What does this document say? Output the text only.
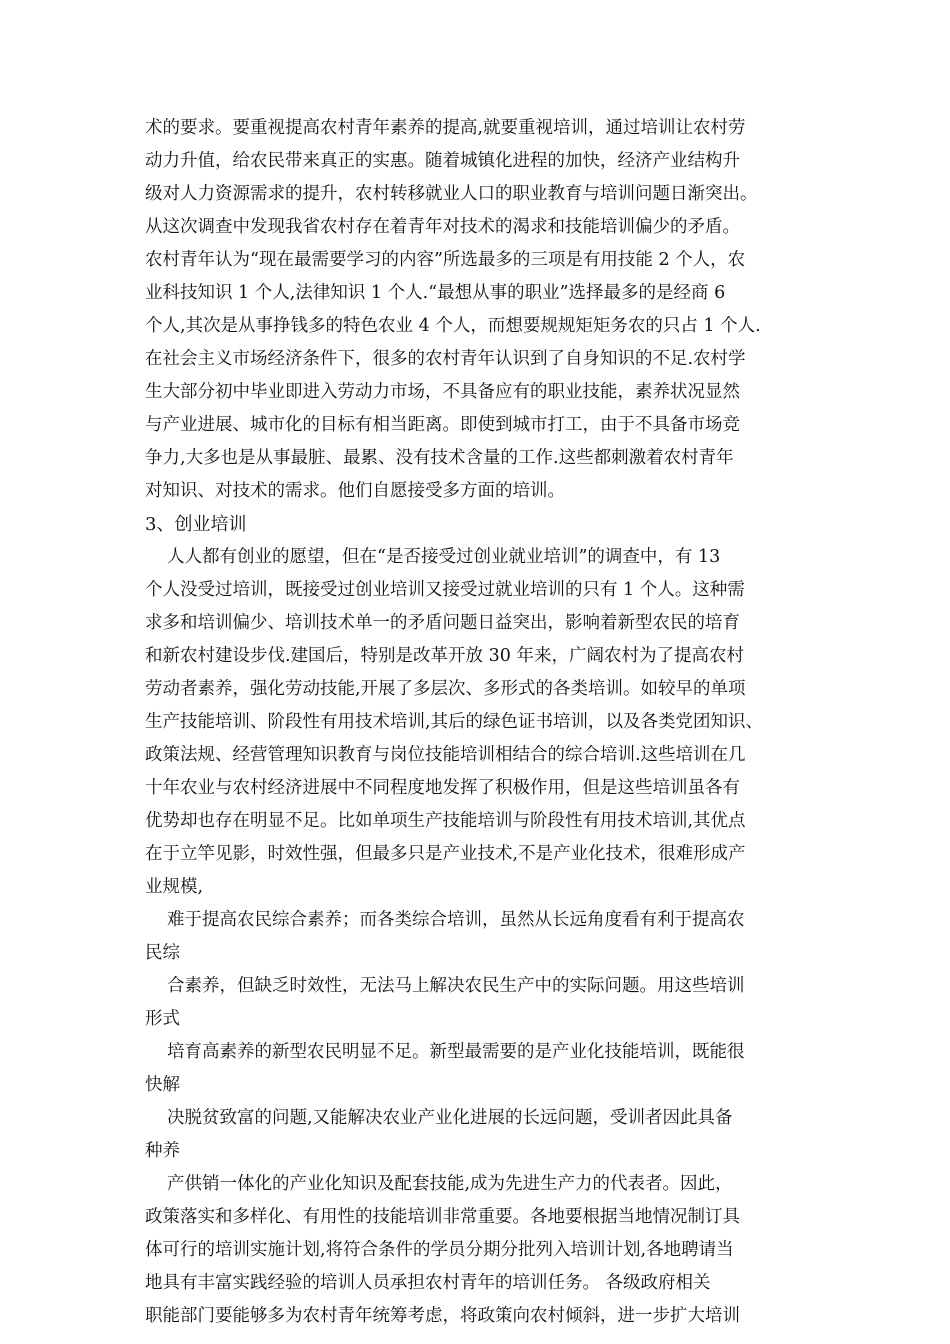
术的要求。要重视提高农村青年素养的提高,就要重视培训，通过培训让农村劳
动力升值，给农民带来真正的实惠。随着城镇化进程的加快，经济产业结构升
级对人力资源需求的提升，农村转移就业人口的职业教育与培训问题日渐突出。
从这次调查中发现我省农村存在着青年对技术的渴求和技能培训偏少的矛盾。
农村青年认为“现在最需要学习的内容”所选最多的三项是有用技能 2 个人，农
业科技知识 1 个人,法律知识 1 个人.“最想从事的职业”选择最多的是经商 6
个人,其次是从事挣钱多的特色农业 4 个人，而想要规规矩矩务农的只占 1 个人.
在社会主义市场经济条件下，很多的农村青年认识到了自身知识的不足.农村学
生大部分初中毕业即进入劳动力市场，不具备应有的职业技能，素养状况显然
与产业进展、城市化的目标有相当距离。即使到城市打工，由于不具备市场竞
争力,大多也是从事最脏、最累、没有技术含量的工作.这些都刺激着农村青年
对知识、对技术的需求。他们自愿接受多方面的培训。
3、创业培训
人人都有创业的愿望，但在“是否接受过创业就业培训”的调查中，有 13
个人没受过培训，既接受过创业培训又接受过就业培训的只有 1 个人。这种需
求多和培训偏少、培训技术单一的矛盾问题日益突出，影响着新型农民的培育
和新农村建设步伐.建国后，特别是改革开放 30 年来，广阔农村为了提高农村
劳动者素养，强化劳动技能,开展了多层次、多形式的各类培训。如较早的单项
生产技能培训、阶段性有用技术培训,其后的绿色证书培训，以及各类党团知识、
政策法规、经营管理知识教育与岗位技能培训相结合的综合培训.这些培训在几
十年农业与农村经济进展中不同程度地发挥了积极作用，但是这些培训虽各有
优势却也存在明显不足。比如单项生产技能培训与阶段性有用技术培训,其优点
在于立竿见影，时效性强，但最多只是产业技术,不是产业化技术，很难形成产
业规模,
难于提高农民综合素养；而各类综合培训，虽然从长远角度看有利于提高农
民综
合素养，但缺乏时效性，无法马上解决农民生产中的实际问题。用这些培训
形式
培育高素养的新型农民明显不足。新型最需要的是产业化技能培训，既能很
快解
决脱贫致富的问题,又能解决农业产业化进展的长远问题，受训者因此具备
种养
产供销一体化的产业化知识及配套技能,成为先进生产力的代表者。因此，
政策落实和多样化、有用性的技能培训非常重要。各地要根据当地情况制订具
体可行的培训实施计划,将符合条件的学员分期分批列入培训计划,各地聘请当
地具有丰富实践经验的培训人员承担农村青年的培训任务。 各级政府相关
职能部门要能够多为农村青年统筹考虑，将政策向农村倾斜，进一步扩大培训
